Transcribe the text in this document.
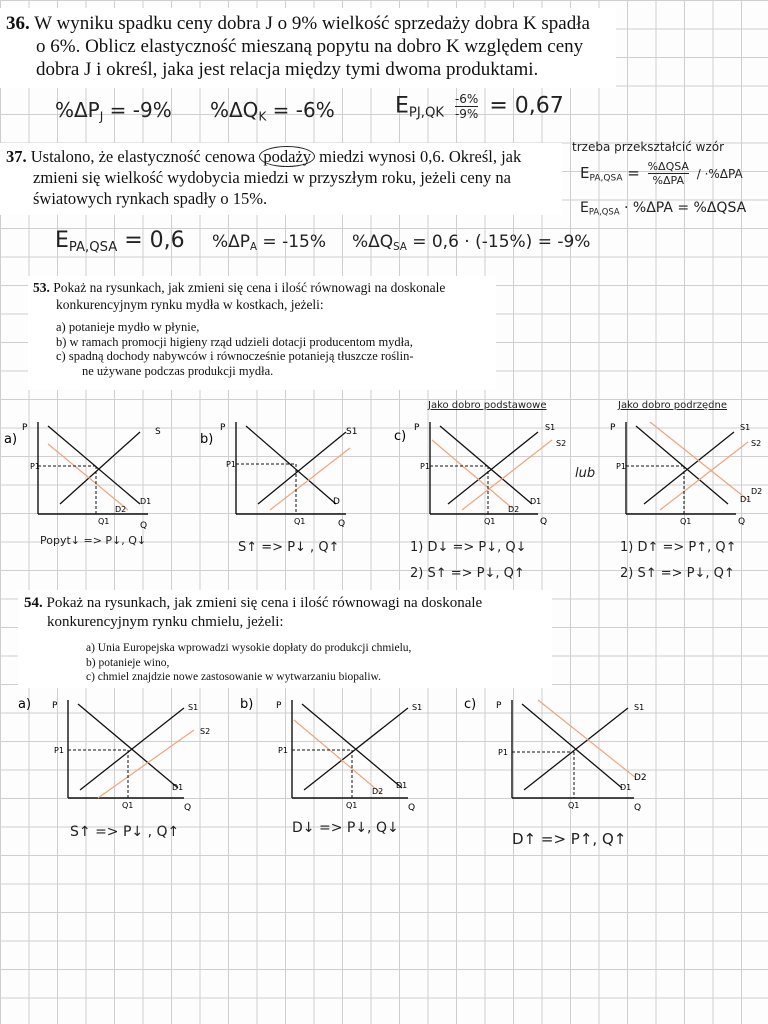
36. W wyniku spadku ceny dobra J o 9% wielkość sprzedaży dobra K spadła
o 6%. Oblicz elastyczność mieszaną popytu na dobro K względem ceny
dobra J i określ, jaka jest relacja między tymi dwoma produktami.
$\%\Delta P_J = -9\%$ $\%\Delta Q_K = -6\%$	$E_{PJ,QK} \frac{-6\%}{-9\%} = 0,67$
37. Ustalono, że elastyczność cenowa podaży miedzi wynosi 0,6. Określ, jak
zmieni się wielkość wydobycia miedzi w przyszłym roku, jeżeli ceny na
światowych rynkach spadły o 15%.
trzeba przekształcić wzór
$E_{PA,QSA} = \%\Delta QSA$
%ΔPA	/ ·%ΔPA
$E_{PA,QSA} \cdot \%\Delta PA = \%\Delta QSA$
$E_{PA,QSA} = 0,6$ $\%\Delta P_A = -15\%$ $\%\Delta Q_{SA} = 0,6 \cdot (-15\%) = -9\%$
53. Pokaż na rysunkach, jak zmieni się cena i ilość równowagi na doskonale
konkurencyjnym rynku mydła w kostkach, jeżeli:
a) potanieje mydło w płynie,
b) w ramach promocji higieny rząd udzieli dotacji producentom mydła,
c) spadną dochody nabywców i równocześnie potanieją tłuszcze roślin-
ne używane podczas produkcji mydła.
Jako dobro podstawowe	Jako dobro podrzędne
lub
a)
P
Q
S
D1
D2
P1
Q1
Popyt↓ => P↓, Q↓
b)
P
Q
S1
D
P1
Q1
S↑ => P↓ , Q↑
c)
P
Q
S1
S2
D1
D2
P1
Q1
1) D↓ => P↓, Q↓
2) S↑ => P↓, Q↑
P
Q
S1
S2
D1
D2
P1
Q1
1) D↑ => P↑, Q↑
2) S↑ => P↓, Q↑
54. Pokaż na rysunkach, jak zmieni się cena i ilość równowagi na doskonale
konkurencyjnym rynku chmielu, jeżeli:
a) Unia Europejska wprowadzi wysokie dopłaty do produkcji chmielu,
b) potanieje wino,
c) chmiel znajdzie nowe zastosowanie w wytwarzaniu biopaliw.
a) P
Q
S1
S2
D1
P1
Q1
S↑ => P↓ , Q↑
b)	P
Q
S1
D1
D2
P1
Q1
D↓ => P↓, Q↓
c) P
Q
S1
D2
D1
P1
Q1
D↑ => P↑, Q↑
